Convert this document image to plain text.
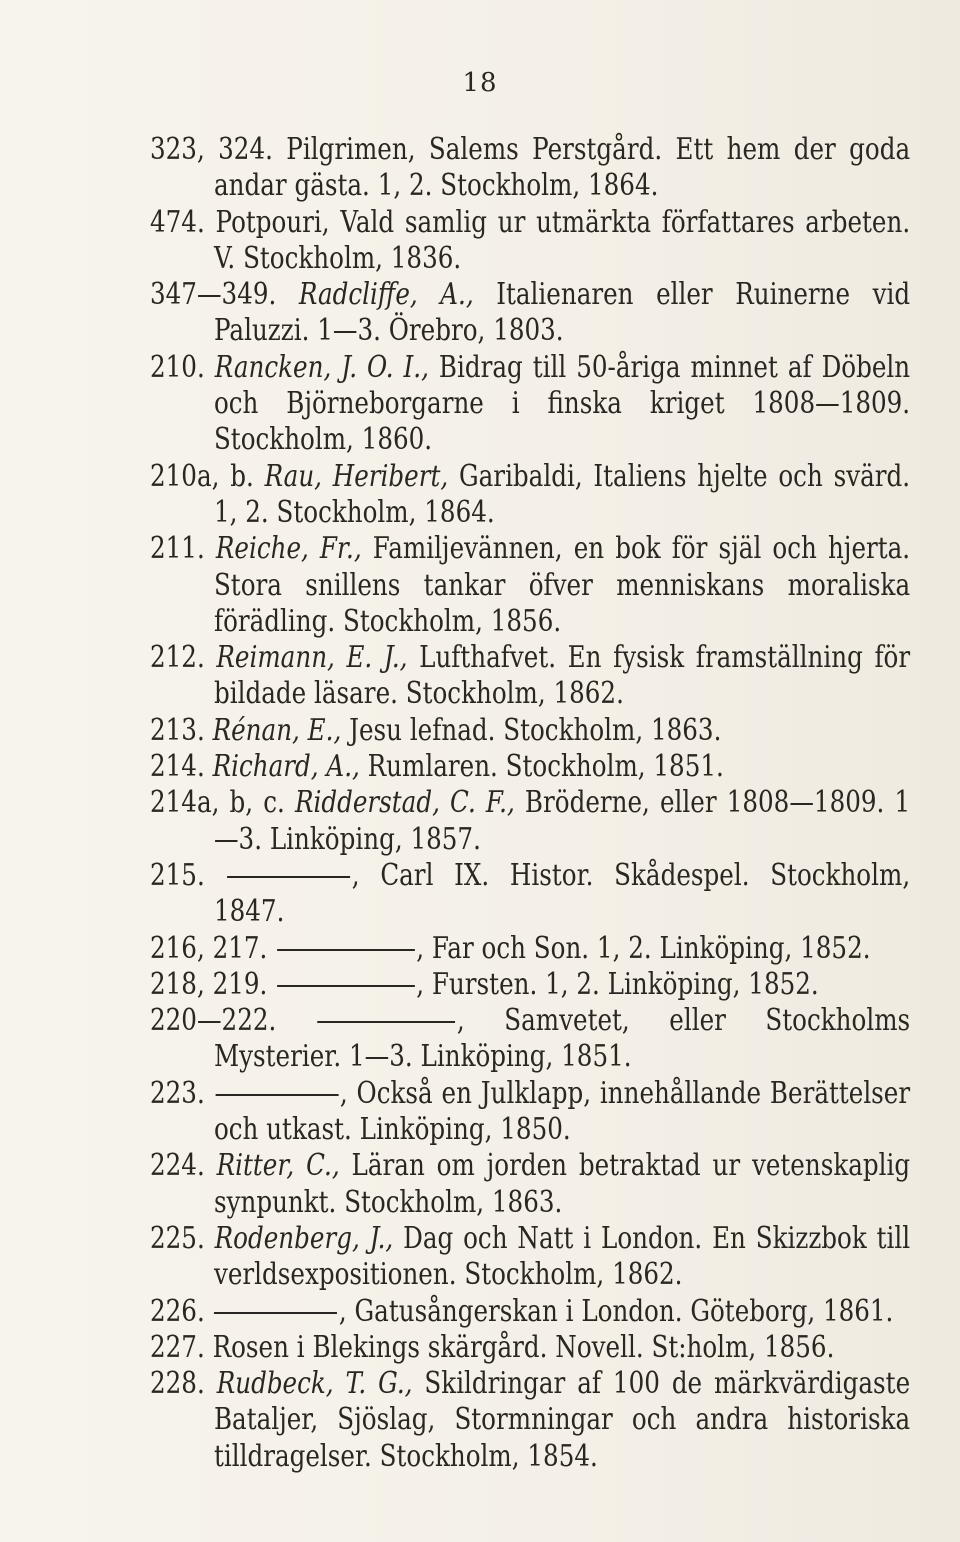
18

323, 324. Pilgrimen, Salems Perstgård. Ett hem der goda andar gästa. 1, 2. Stockholm, 1864.

474. Potpouri, Vald samlig ur utmärkta författares arbeten. V. Stockholm, 1836.

347—349. Radcliffe, A., Italienaren eller Ruinerne vid Paluzzi. 1—3. Örebro, 1803.

210. Rancken, J. O. I., Bidrag till 50-åriga minnet af Döbeln och Björneborgarne i finska kriget 1808—1809. Stockholm, 1860.

210a, b. Rau, Heribert, Garibaldi, Italiens hjelte och svärd. 1, 2. Stockholm, 1864.

211. Reiche, Fr., Familjevännen, en bok för själ och hjerta. Stora snillens tankar öfver menniskans moraliska förädling. Stockholm, 1856.

212. Reimann, E. J., Lufthafvet. En fysisk framställning för bildade läsare. Stockholm, 1862.

213. Rénan, E., Jesu lefnad. Stockholm, 1863.

214. Richard, A., Rumlaren. Stockholm, 1851.

214a, b, c. Ridderstad, C. F., Bröderne, eller 1808—1809. 1—3. Linköping, 1857.

215.	, Carl IX. Histor. Skådespel. Stockholm, 1847.

216, 217.	, Far och Son. 1, 2. Linköping, 1852.

218, 219.	, Fursten. 1, 2. Linköping, 1852.

220—222.	, Samvetet, eller Stockholms Mysterier. 1—3. Linköping, 1851.

223.	, Också en Julklapp, innehållande Berättelser och utkast. Linköping, 1850.

224. Ritter, C., Läran om jorden betraktad ur vetenskaplig synpunkt. Stockholm, 1863.

225. Rodenberg, J., Dag och Natt i London. En Skizzbok till verldsexpositionen. Stockholm, 1862.

226.	, Gatusångerskan i London. Göteborg, 1861.

227. Rosen i Blekings skärgård. Novell. St:holm, 1856.

228. Rudbeck, T. G., Skildringar af 100 de märkvärdigaste Bataljer, Sjöslag, Stormningar och andra historiska tilldragelser. Stockholm, 1854.
